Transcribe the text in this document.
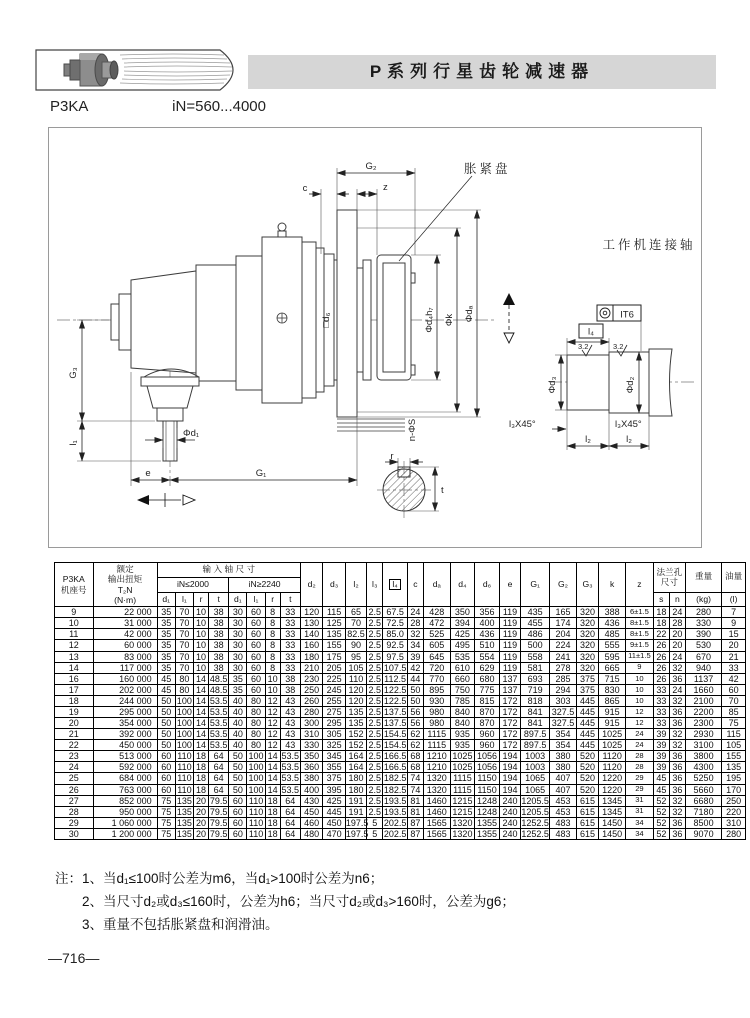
P系列行星齿轮减速器
P3KA	iN=560...4000
工作机连接轴
胀紧盘
G₂
c	z
□d₆	Φd₄h₇ Φk Φdₐ
n-ΦS
G₃
l₁
Φd₁
e	G₁
r
t
IT6
l₄
3.2	3.2
Φd₃	Φd₂
l₃X45°	l₃X45°
l₂	l₂
P3KA
机座号	额定
输出扭矩
T₂N
(N·m)	输 入 轴 尺 寸								d₂	d₃	l₂	l₃	l₄	c	dₐ	d₄	d₆	e	G₁	G₂	G₃	k	z	法兰孔
尺寸		重量	油量
		iN≤2000				iN≥2240																						
		d₁	l₁	r	t	d₁	l₁	r	t																s	n	(kg)	(l)
9	22 000	35	70	10	38	30	60	8	33	120	115	65	2.5	67.5	24	428	350	356	119	435	165	320	388	6±1.5	18	24	280	7
10	31 000	35	70	10	38	30	60	8	33	130	125	70	2.5	72.5	28	472	394	400	119	455	174	320	436	8±1.5	18	28	330	9
11	42 000	35	70	10	38	30	60	8	33	140	135	82.5	2.5	85.0	32	525	425	436	119	486	204	320	485	8±1.5	22	20	390	15
12	60 000	35	70	10	38	30	60	8	33	160	155	90	2.5	92.5	34	605	495	510	119	500	224	320	555	9±1.5	26	20	530	20
13	83 000	35	70	10	38	30	60	8	33	180	175	95	2.5	97.5	39	645	535	554	119	558	241	320	595	11±1.5	26	24	670	21
14	117 000	35	70	10	38	30	60	8	33	210	205	105	2.5	107.5	42	720	610	629	119	581	278	320	665	9	26	32	940	33
16	160 000	45	80	14	48.5	35	60	10	38	230	225	110	2.5	112.5	44	770	660	680	137	693	285	375	715	10	26	36	1137	42
17	202 000	45	80	14	48.5	35	60	10	38	250	245	120	2.5	122.5	50	895	750	775	137	719	294	375	830	10	33	24	1660	60
18	244 000	50	100	14	53.5	40	80	12	43	260	255	120	2.5	122.5	50	930	785	815	172	818	303	445	865	10	33	32	2100	70
19	295 000	50	100	14	53.5	40	80	12	43	280	275	135	2.5	137.5	56	980	840	870	172	841	327.5	445	915	12	33	36	2200	85
20	354 000	50	100	14	53.5	40	80	12	43	300	295	135	2.5	137.5	56	980	840	870	172	841	327.5	445	915	12	33	36	2300	75
21	392 000	50	100	14	53.5	40	80	12	43	310	305	152	2.5	154.5	62	1115	935	960	172	897.5	354	445	1025	24	39	32	2930	115
22	450 000	50	100	14	53.5	40	80	12	43	330	325	152	2.5	154.5	62	1115	935	960	172	897.5	354	445	1025	24	39	32	3100	105
23	513 000	60	110	18	64	50	100	14	53.5	350	345	164	2.5	166.5	68	1210	1025	1056	194	1003	380	520	1120	28	39	36	3800	155
24	592 000	60	110	18	64	50	100	14	53.5	360	355	164	2.5	166.5	68	1210	1025	1056	194	1003	380	520	1120	28	39	36	4300	135
25	684 000	60	110	18	64	50	100	14	53.5	380	375	180	2.5	182.5	74	1320	1115	1150	194	1065	407	520	1220	29	45	36	5250	195
26	763 000	60	110	18	64	50	100	14	53.5	400	395	180	2.5	182.5	74	1320	1115	1150	194	1065	407	520	1220	29	45	36	5660	170
27	852 000	75	135	20	79.5	60	110	18	64	430	425	191	2.5	193.5	81	1460	1215	1248	240	1205.5	453	615	1345	31	52	32	6680	250
28	950 000	75	135	20	79.5	60	110	18	64	450	445	191	2.5	193.5	81	1460	1215	1248	240	1205.5	453	615	1345	31	52	32	7180	220
29	1 060 000	75	135	20	79.5	60	110	18	64	460	450	197.5	5	202.5	87	1565	1320	1355	240	1252.5	483	615	1450	34	52	36	8500	310
30	1 200 000	75	135	20	79.5	60	110	18	64	480	470	197.5	5	202.5	87	1565	1320	1355	240	1252.5	483	615	1450	34	52	36	9070	280
注： 1、当d₁≤100时公差为m6，当d₁>100时公差为n6；
2、当尺寸d₂或d₃≤160时，公差为h6；当尺寸d₂或d₃>160时，公差为g6；
3、重量不包括胀紧盘和润滑油。
—716—
